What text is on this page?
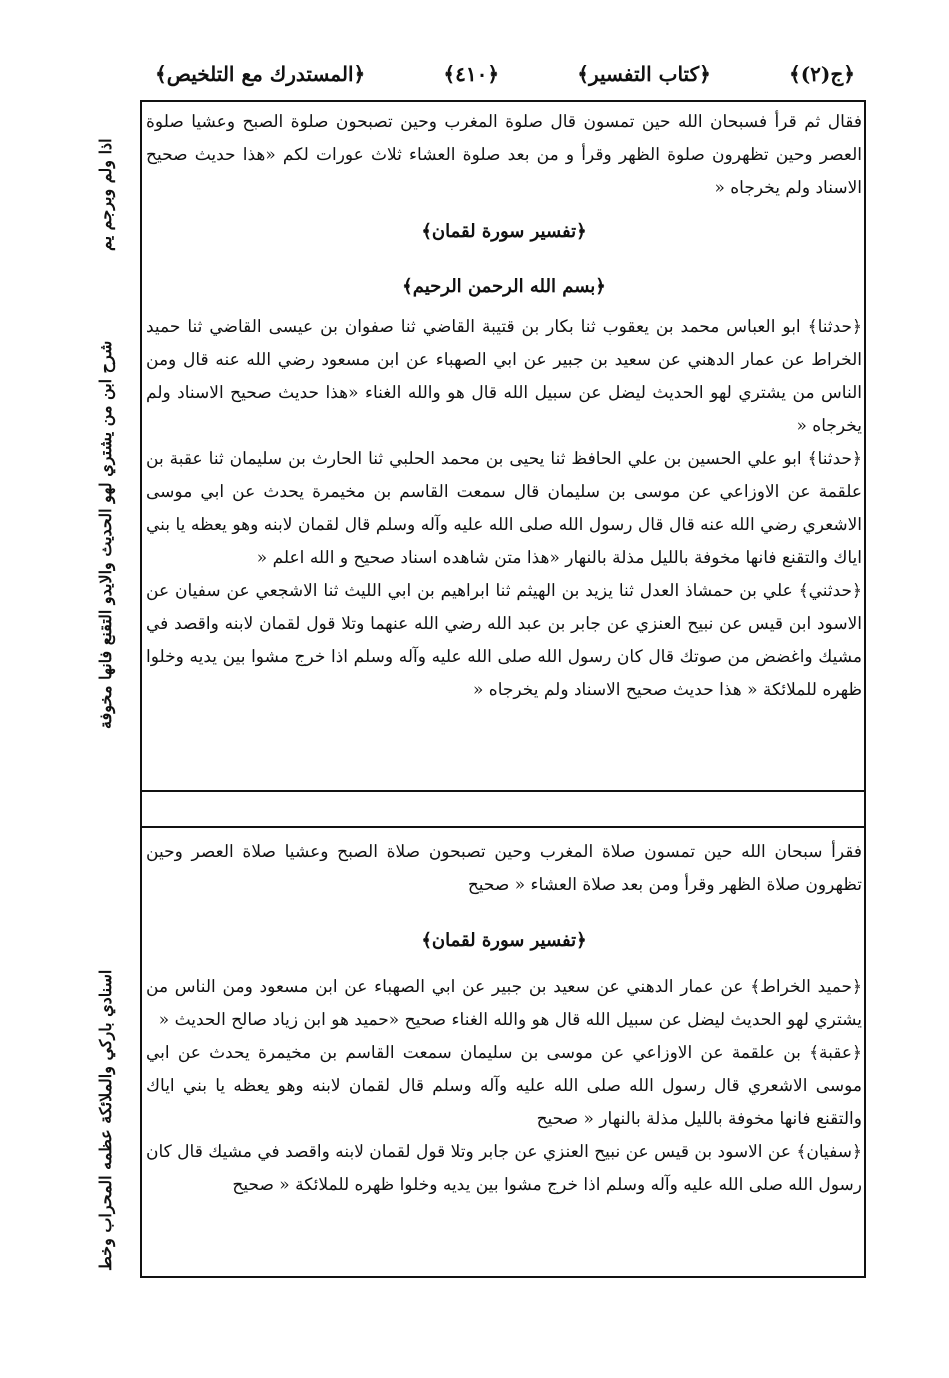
﴿المستدرك مع التلخيص﴾	﴿٤١٠﴾	﴿كتاب التفسير﴾	﴿ج(٢)﴾
اذا ولم وبرجم يم
شرح ابن من يشتري لهو الحديث والايدو التقنع فانها مخوفة
اسنادي باركي والملائكة عظمه المحراب وخط

فقال ثم قرأ فسبحان الله حين تمسون قال صلوة المغرب وحين تصبحون صلوة الصبح وعشيا صلوة العصر وحين تظهرون صلوة الظهر وقرأ و من بعد صلوة العشاء ثلاث عورات لكم «هذا حديث صحيح الاسناد ولم يخرجاه «

﴿تفسير سورة لقمان﴾

﴿بسم الله الرحمن الرحيم﴾

﴿حدثنا﴾ ابو العباس محمد بن يعقوب ثنا بكار بن قتيبة القاضي ثنا صفوان بن عيسى القاضي ثنا حميد الخراط عن عمار الدهني عن سعيد بن جبير عن ابي الصهباء عن ابن مسعود رضي الله عنه قال ومن الناس من يشتري لهو الحديث ليضل عن سبيل الله قال هو والله الغناء «هذا حديث صحيح الاسناد ولم يخرجاه «

﴿حدثنا﴾ ابو علي الحسين بن علي الحافظ ثنا يحيى بن محمد الحلبي ثنا الحارث بن سليمان ثنا عقبة بن علقمة عن الاوزاعي عن موسى بن سليمان قال سمعت القاسم بن مخيمرة يحدث عن ابي موسى الاشعري رضي الله عنه قال قال رسول الله صلى الله عليه وآله وسلم قال لقمان لابنه وهو يعظه يا بني اياك والتقنع فانها مخوفة بالليل مذلة بالنهار «هذا متن شاهده اسناد صحيح و الله اعلم «

﴿حدثني﴾ علي بن حمشاذ العدل ثنا يزيد بن الهيثم ثنا ابراهيم بن ابي الليث ثنا الاشجعي عن سفيان عن الاسود ابن قيس عن نبيح العنزي عن جابر بن عبد الله رضي الله عنهما وتلا قول لقمان لابنه واقصد في مشيك واغضض من صوتك قال كان رسول الله صلى الله عليه وآله وسلم اذا خرج مشوا بين يديه وخلوا ظهره للملائكة « هذا حديث صحيح الاسناد ولم يخرجاه «

فقرأ سبحان الله حين تمسون صلاة المغرب وحين تصبحون صلاة الصبح وعشيا صلاة العصر وحين تظهرون صلاة الظهر وقرأ ومن بعد صلاة العشاء « صحيح

﴿تفسير سورة لقمان﴾

﴿حميد الخراط﴾ عن عمار الدهني عن سعيد بن جبير عن ابي الصهباء عن ابن مسعود ومن الناس من يشتري لهو الحديث ليضل عن سبيل الله قال هو والله الغناء صحيح «حميد هو ابن زياد صالح الحديث «

﴿عقبة﴾ بن علقمة عن الاوزاعي عن موسى بن سليمان سمعت القاسم بن مخيمرة يحدث عن ابي موسى الاشعري قال رسول الله صلى الله عليه وآله وسلم قال لقمان لابنه وهو يعظه يا بني اياك والتقنع فانها مخوفة بالليل مذلة بالنهار « صحيح

﴿سفيان﴾ عن الاسود بن قيس عن نبيح العنزي عن جابر وتلا قول لقمان لابنه واقصد في مشيك قال كان رسول الله صلى الله عليه وآله وسلم اذا خرج مشوا بين يديه وخلوا ظهره للملائكة « صحيح
